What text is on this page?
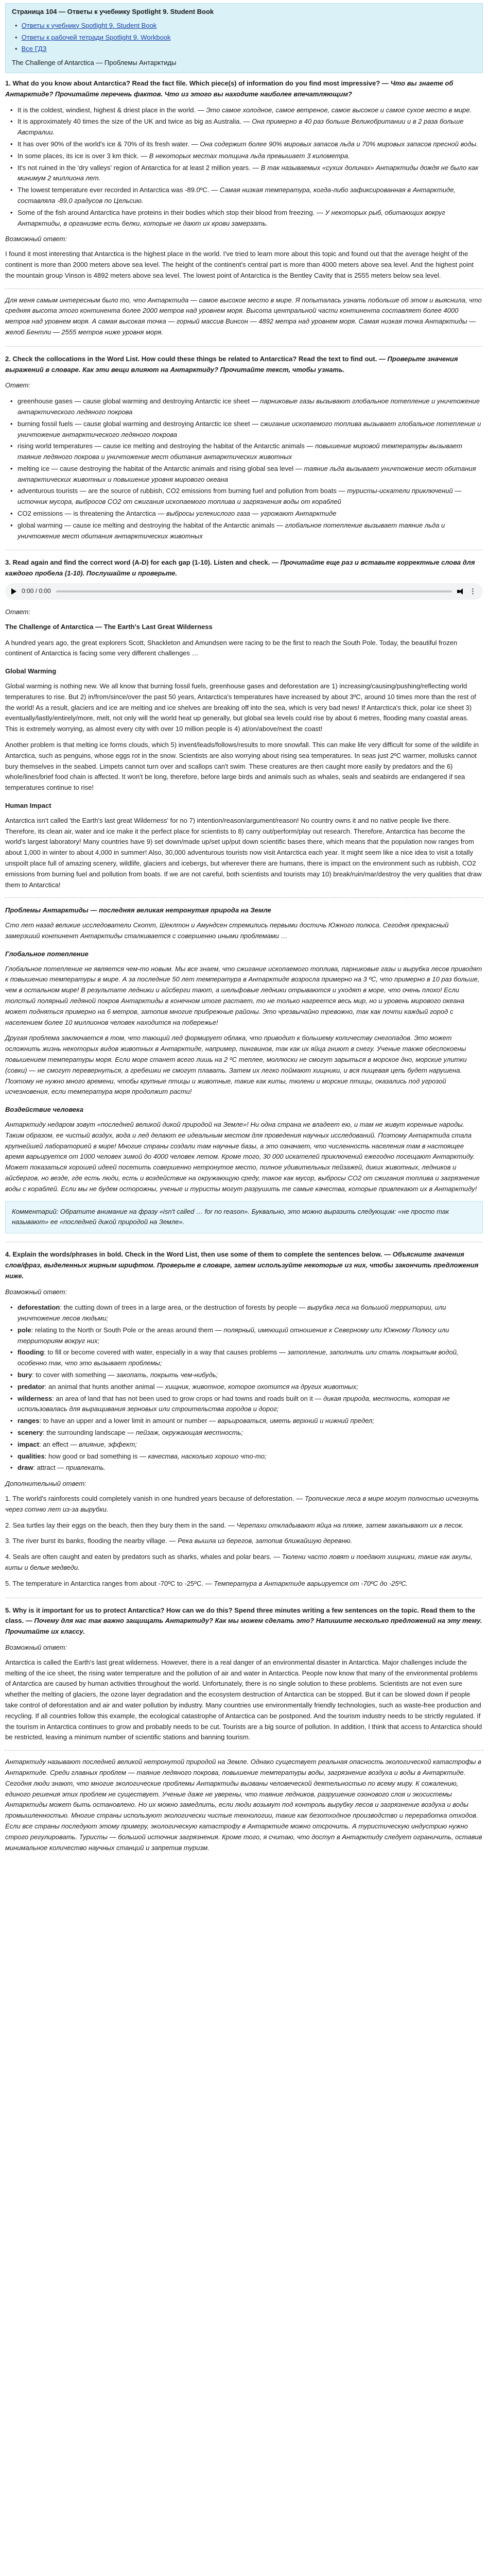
Страница 104 — Ответы к учебнику Spotlight 9. Student Book
• Ответы к учебнику Spotlight 9. Student Book
• Ответы к рабочей тетради Spotlight 9. Workbook
• Все ГДЗ
The Challenge of Antarctica — Проблемы Антарктиды
1. What do you know about Antarctica? Read the fact file. Which piece(s) of information do you find most impressive? — Что вы знаете об Антарктиде? Прочитайте перечень фактов. Что из этого вы находите наиболее впечатляющим?
• It is the coldest, windiest, highest & driest place in the world. — Это самое холодное, самое ветреное, самое высокое и самое сухое место в мире.
• It is approximately 40 times the size of the UK and twice as big as Australia. — Она примерно в 40 раз больше Великобритании и в 2 раза больше Австралии.
• It has over 90% of the world's ice & 70% of its fresh water. — Она содержит более 90% мировых запасов льда и 70% мировых запасов пресной воды.
• In some places, its ice is over 3 km thick. — В некоторых местах толщина льда превышает 3 километра.
• It's not ruined in the 'dry valleys' region of Antarctica for at least 2 million years. — В так называемых «сухих долинах» Антарктиды дождя не было как минимум 2 миллиона лет.
• The lowest temperature ever recorded in Antarctica was -89.0ºC. — Самая низкая температура, когда-либо зафиксированная в Антарктиде, составляла -89,0 градусов по Цельсию.
• Some of the fish around Antarctica have proteins in their bodies which stop their blood from freezing. — У некоторых рыб, обитающих вокруг Антарктиды, в организме есть белки, которые не дают их крови замерзать.
Возможный ответ:

I found it most interesting that Antarctica is the highest place in the world. I've tried to learn more about this topic and found out that the average height of the continent is more than 2000 meters above sea level. The height of the continent's central part is more than 4000 meters above sea level. And the highest point the mountain group Vinson is 4892 meters above sea level. The lowest point of Antarctica is the Bentley Cavity that is 2555 meters below sea level.

Для меня самым интересным было то, что Антарктида — самое высокое место в мире. Я попыталась узнать побольше об этом и выяснила, что средняя высота этого континента более 2000 метров над уровнем моря. Высота центральной части континента составляет более 4000 метров над уровнем моря. А самая высокая точка — горный массив Винсон — 4892 метра над уровнем моря. Самая низкая точка Антарктиды — желоб Бентли — 2555 метров ниже уровня моря.

2. Check the collocations in the Word List. How could these things be related to Antarctica? Read the text to find out. — Проверьте значения выражений в словаре. Как эти вещи влияют на Антарктиду? Прочитайте текст, чтобы узнать.
Ответ:
• greenhouse gases — cause global warming and destroying Antarctic ice sheet — парниковые газы вызывают глобальное потепление и уничтожение антарктического ледяного покрова
• burning fossil fuels — cause global warming and destroying Antarctic ice sheet — сжигание ископаемого топлива вызывает глобальное потепление и уничтожение антарктического ледяного покрова
• rising world temperatures — cause ice melting and destroying the habitat of the Antarctic animals — повышение мировой температуры вызывает таяние ледяного покрова и уничтожение мест обитания антарктических животных
• melting ice — cause destroying the habitat of the Antarctic animals and rising global sea level — таяние льда вызывает уничтожение мест обитания антарктических животных и повышение уровня мирового океана
• adventurous tourists — are the source of rubbish, CO2 emissions from burning fuel and pollution from boats — туристы-искатели приключений — источник мусора, выбросов CO2 от сжигания ископаемого топлива и загрязнения воды от кораблей
• CO2 emissions — is threatening the Antarctica — выбросы углекислого газа — угрожают Антарктиде
• global warming — cause ice melting and destroying the habitat of the Antarctic animals — глобальное потепление вызывает таяние льда и уничтожение мест обитания антарктических животных
3. Read again and find the correct word (A-D) for each gap (1-10). Listen and check. — Прочитайте еще раз и вставьте корректные слова для каждого пробела (1-10). Послушайте и проверьте.
0:00 / 0:00	⋮
Ответ:

The Challenge of Antarctica — The Earth's Last Great Wilderness

A hundred years ago, the great explorers Scott, Shackleton and Amundsen were racing to be the first to reach the South Pole. Today, the beautiful frozen continent of Antarctica is facing some very different challenges …

Global Warming

Global warming is nothing new. We all know that burning fossil fuels, greenhouse gases and deforestation are 1) increasing/causing/pushing/reflecting world temperatures to rise. But 2) in/from/since/over the past 50 years, Antarctica's temperatures have increased by about 3ºC, around 10 times more than the rest of the world! As a result, glaciers and ice are melting and ice shelves are breaking off into the sea, which is very bad news! If Antarctica's thick, polar ice sheet 3) eventually/lastly/entirely/more, melt, not only will the world heat up generally, but global sea levels could rise by about 6 metres, flooding many coastal areas. This is extremely worrying, as almost every city with over 10 million people is 4) at/on/above/next the coast!

Another problem is that melting ice forms clouds, which 5) invent/leads/follows/results to more snowfall. This can make life very difficult for some of the wildlife in Antarctica, such as penguins, whose eggs rot in the snow. Scientists are also worrying about rising sea temperatures. In seas just 2ºC warmer, mollusks cannot bury themselves in the seabed. Limpets cannot turn over and scallops can't swim. These creatures are then caught more easily by predators and the 6) whole/lines/brief food chain is affected. It won't be long, therefore, before large birds and animals such as whales, seals and seabirds are endangered if sea temperatures continue to rise!

Human Impact

Antarctica isn't called 'the Earth's last great Wilderness' for no 7) intention/reason/argument/reason! No country owns it and no native people live there. Therefore, its clean air, water and ice make it the perfect place for scientists to 8) carry out/perform/play out research. Therefore, Antarctica has become the world's largest laboratory! Many countries have 9) set down/made up/set up/put down scientific bases there, which means that the population now ranges from about 1,000 in winter to about 4,000 in summer! Also, 30,000 adventurous tourists now visit Antarctica each year. It might seem like a nice idea to visit a totally unspoilt place full of amazing scenery, wildlife, glaciers and icebergs, but wherever there are humans, there is impact on the environment such as rubbish, CO2 emissions from burning fuel and pollution from boats. If we are not careful, both scientists and tourists may 10) break/ruin/mar/destroy the very qualities that draw them to Antarctica!

Проблемы Антарктиды — последняя великая нетронутая природа на Земле

Сто лет назад великие исследователи Скотт, Шеклтон и Амундсен стремились первыми достичь Южного полюса. Сегодня прекрасный замерзший континент Антарктиды сталкивается с совершенно иными проблемами …

Глобальное потепление

Глобальное потепление не является чем-то новым. Мы все знаем, что сжигание ископаемого топлива, парниковые газы и вырубка лесов приводят к повышению температуры в мире. А за последние 50 лет температура в Антарктиде возросла примерно на 3 ºC, что примерно в 10 раз больше, чем в остальном мире! В результате ледники и айсберги тают, а шельфовые ледники отрываются и уходят в море, что очень плохо! Если толстый полярный ледяной покров Антарктиды в конечном итоге растает, то не только нагреется весь мир, но и уровень мирового океана может подняться примерно на 6 метров, затопив многие прибрежные районы. Это чрезвычайно тревожно, так как почти каждый город с населением более 10 миллионов человек находится на побережье!

Другая проблема заключается в том, что тающий лед формирует облака, что приводит к большему количеству снегопадов. Это может осложнить жизнь некоторых видов животных в Антарктиде, например, пингвинов, так как их яйца гниют в снегу. Ученые также обеспокоены повышением температуры моря. Если море станет всего лишь на 2 ºC теплее, моллюски не смогут зарыться в морское дно, морские улитки (совки) — не смогут перевернуться, а гребешки не смогут плавать. Затем их легко поймают хищники, и вся пищевая цепь будет нарушена. Поэтому не нужно много времени, чтобы крупные птицы и животные, такие как киты, тюлени и морские птицы, оказались под угрозой исчезновения, если температура моря продолжит расти!

Воздействие человека

Антарктиду недаром зовут «последней великой дикой природой на Земле»! Ни одна страна не владеет ею, и там не живут коренные народы. Таким образом, ее чистый воздух, вода и лед делают ее идеальным местом для проведения научных исследований. Поэтому Антарктида стала крупнейшей лабораторией в мире! Многие страны создали там научные базы, а это означает, что численность населения там в настоящее время варьируется от 1000 человек зимой до 4000 человек летом. Кроме того, 30 000 искателей приключений ежегодно посещают Антарктиду. Может показаться хорошей идеей посетить совершенно нетронутое место, полное удивительных пейзажей, диких животных, ледников и айсбергов, но везде, где есть люди, есть и воздействие на окружающую среду, такое как мусор, выбросы CO2 от сжигания топлива и загрязнение воды с кораблей. Если мы не будем осторожны, ученые и туристы могут разрушить те самые качества, которые привлекают их в Антарктиду!

Комментарий: Обратите внимание на фразу «isn't called … for no reason». Буквально, это можно выразить следующим: «не просто так называют» ее «последней дикой природой на Земле».
4. Explain the words/phrases in bold. Check in the Word List, then use some of them to complete the sentences below. — Объясните значения слов/фраз, выделенных жирным шрифтом. Проверьте в словаре, затем используйте некоторые из них, чтобы закончить предложения ниже.
Возможный ответ:
• deforestation: the cutting down of trees in a large area, or the destruction of forests by people — вырубка леса на большой территории, или уничтожение лесов людьми;
• pole: relating to the North or South Pole or the areas around them — полярный, имеющий отношение к Северному или Южному Полюсу или территориям вокруг них;
• flooding: to fill or become covered with water, especially in a way that causes problems — затопление, заполнить или стать покрытым водой, особенно так, что это вызывает проблемы;
• bury: to cover with something — закопать, покрыть чем-нибудь;
• predator: an animal that hunts another animal — хищник, животное, которое охотится на других животных;
• wilderness: an area of land that has not been used to grow crops or had towns and roads built on it — дикая природа, местность, которая не использовалась для выращивания зерновых или строительства городов и дорог;
• ranges: to have an upper and a lower limit in amount or number — варьироваться, иметь верхний и нижний предел;
• scenery: the surrounding landscape — пейзаж, окружающая местность;
• impact: an effect — влияние, эффект;
• qualities: how good or bad something is — качества, насколько хорошо что-то;
• draw: attract — привлекать.
Дополнительный ответ:

1. The world's rainforests could completely vanish in one hundred years because of deforestation. — Тропические леса в мире могут полностью исчезнуть через сотню лет из-за вырубки.

2. Sea turtles lay their eggs on the beach, then they bury them in the sand. — Черепахи откладывают яйца на пляже, затем закапывают их в песок.

3. The river burst its banks, flooding the nearby village. — Река вышла из берегов, затопив ближайшую деревню.

4. Seals are often caught and eaten by predators such as sharks, whales and polar bears. — Тюлени часто ловят и поедают хищники, такие как акулы, киты и белые медведи.

5. The temperature in Antarctica ranges from about -70ºC to -25ºC. — Температура в Антарктиде варьируется от -70ºC до -25ºC.

5. Why is it important for us to protect Antarctica? How can we do this? Spend three minutes writing a few sentences on the topic. Read them to the class. — Почему для нас так важно защищать Антарктиду? Как мы можем сделать это? Напишите несколько предложений на эту тему. Прочитайте их классу.
Возможный ответ:

Antarctica is called the Earth's last great wilderness. However, there is a real danger of an environmental disaster in Antarctica. Major challenges include the melting of the ice sheet, the rising water temperature and the pollution of air and water in Antarctica. People now know that many of the environmental problems of Antarctica are caused by human activities throughout the world. Unfortunately, there is no single solution to these problems. Scientists are not even sure whether the melting of glaciers, the ozone layer degradation and the ecosystem destruction of Antarctica can be stopped. But it can be slowed down if people take control of deforestation and air and water pollution by industry. Many countries use environmentally friendly technologies, such as waste-free production and recycling. If all countries follow this example, the ecological catastrophe of Antarctica can be postponed. And the tourism industry needs to be strictly regulated. If the tourism in Antarctica continues to grow and probably needs to be cut. Tourists are a big source of pollution. In addition, I think that access to Antarctica should be restricted, leaving a minimum number of scientific stations and banning tourism.

Антарктиду называют последней великой нетронутой природой на Земле. Однако существует реальная опасность экологической катастрофы в Антарктиде. Среди главных проблем — таяние ледяного покрова, повышение температуры воды, загрязнение воздуха и воды в Антарктиде. Сегодня люди знают, что многие экологические проблемы Антарктиды вызваны человеческой деятельностью по всему миру. К сожалению, единого решения этих проблем не существует. Ученые даже не уверены, что таяние ледников, разрушение озонового слоя и экосистемы Антарктиды может быть остановлено. Но их можно замедлить, если люди возьмут под контроль вырубку лесов и загрязнение воздуха и воды промышленностью. Многие страны используют экологически чистые технологии, такие как безотходное производство и переработка отходов. Если все страны последуют этому примеру, экологическую катастрофу в Антарктиде можно отсрочить. А туристическую индустрию нужно строго регулировать. Туристы — большой источник загрязнения. Кроме того, я считаю, что доступ в Антарктиду следует ограничить, оставив минимальное количество научных станций и запретив туризм.
